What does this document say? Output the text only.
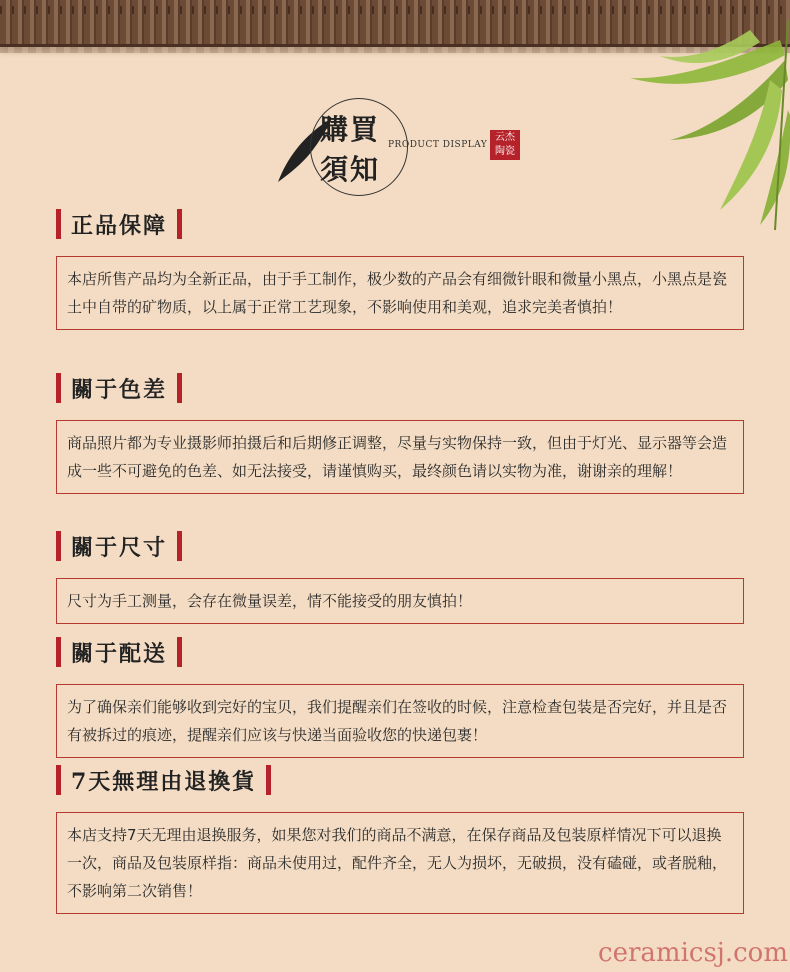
購買
須知
PRODUCT DISPLAY
云杰
陶瓷
正品保障
本店所售产品均为全新正品，由于手工制作，极少数的产品会有细微针眼和微量小黑点，小黑点是瓷土中自带的矿物质，以上属于正常工艺现象，不影响使用和美观，追求完美者慎拍！
關于色差
商品照片都为专业摄影师拍摄后和后期修正调整，尽量与实物保持一致，但由于灯光、显示器等会造成一些不可避免的色差、如无法接受，请谨慎购买，最终颜色请以实物为准，谢谢亲的理解！
關于尺寸
尺寸为手工测量，会存在微量误差，情不能接受的朋友慎拍！
關于配送
为了确保亲们能够收到完好的宝贝，我们提醒亲们在签收的时候，注意检查包装是否完好，并且是否有被拆过的痕迹，提醒亲们应该与快递当面验收您的快递包裹！
7天無理由退換貨
本店支持7天无理由退换服务，如果您对我们的商品不满意，在保存商品及包装原样情况下可以退换一次，商品及包装原样指：商品未使用过，配件齐全，无人为损坏，无破损，没有磕碰，或者脱釉，不影响第二次销售！
ceramicsj.com
